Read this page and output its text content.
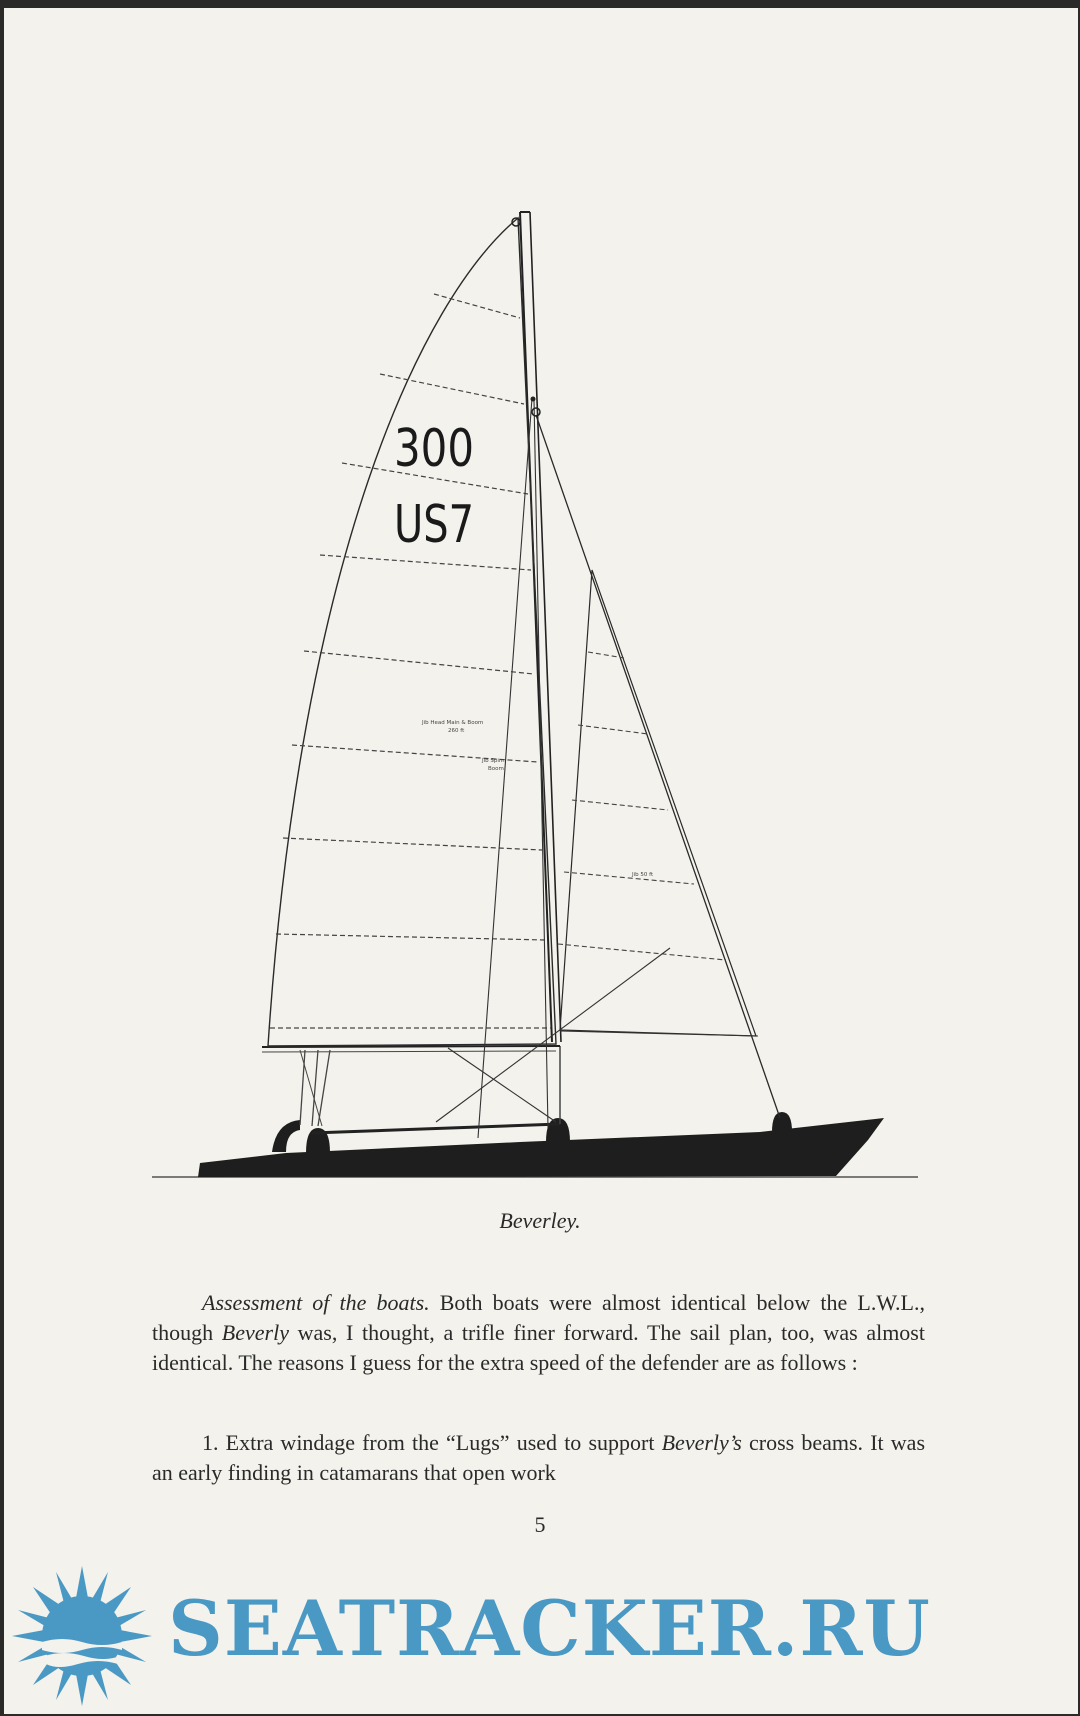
Jib Head Main & Boom
260 ft
Jib Spinn
Boom
Jib 50 ft
300
US7
Beverley.
Assessment of the boats. Both boats were almost identical below the L.W.L., though Beverly was, I thought, a trifle finer forward. The sail plan, too, was almost identical. The reasons I guess for the extra speed of the defender are as follows :
1. Extra windage from the “Lugs” used to support Beverly’s cross beams. It was an early finding in catamarans that open work
5
SEATRACKER.RU
